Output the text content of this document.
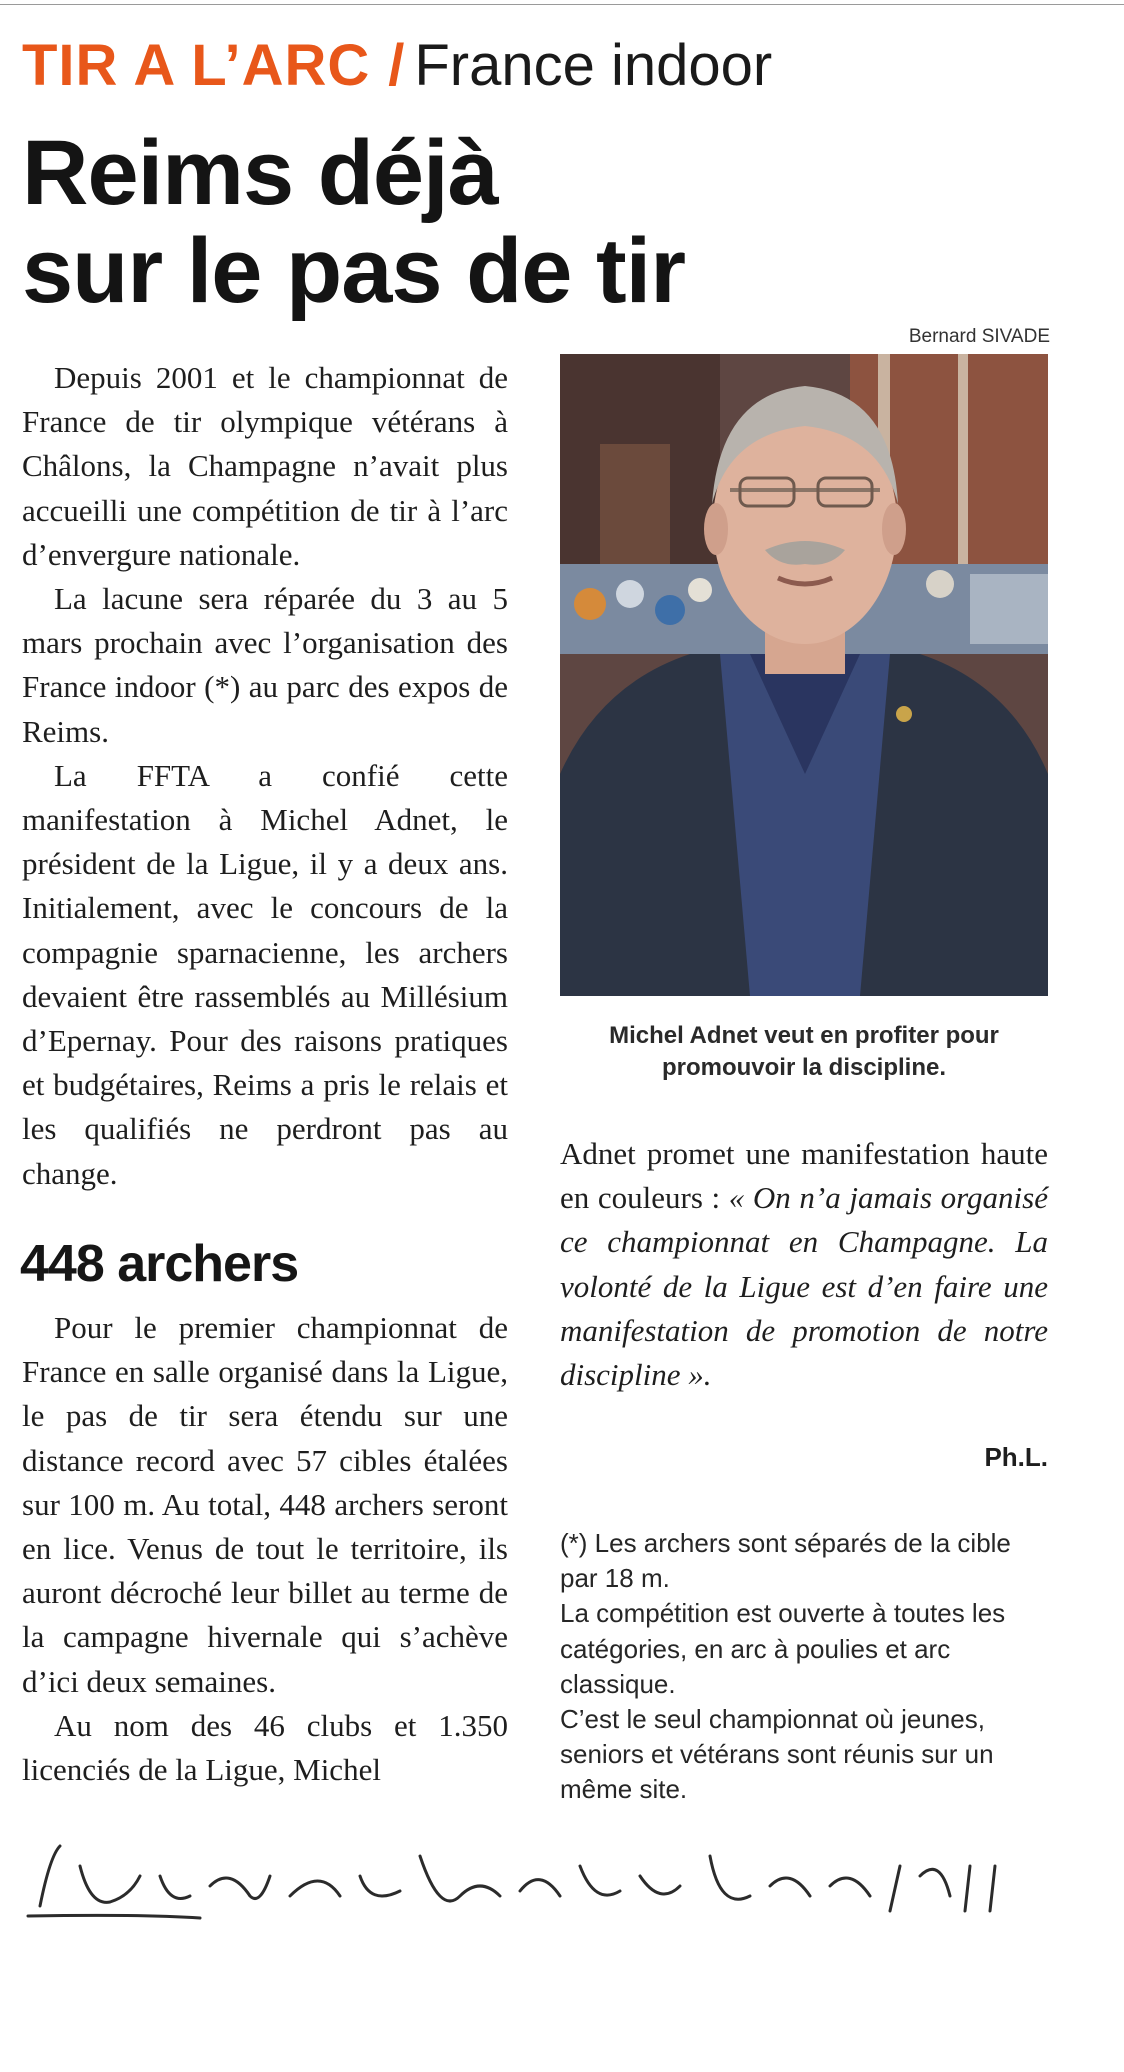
TIR A L’ARC / France indoor
Reims déjà
sur le pas de tir
Bernard SIVADE

Depuis 2001 et le championnat de France de tir olympique vétérans à Châlons, la Champagne n’avait plus accueilli une compétition de tir à l’arc d’envergure nationale.

La lacune sera réparée du 3 au 5 mars prochain avec l’organisation des France indoor (*) au parc des expos de Reims.

La FFTA a confié cette manifestation à Michel Adnet, le président de la Ligue, il y a deux ans. Initialement, avec le concours de la compagnie sparnacienne, les archers devaient être rassemblés au Millésium d’Epernay. Pour des raisons pratiques et budgétaires, Reims a pris le relais et les qualifiés ne perdront pas au change.

448 archers

Pour le premier championnat de France en salle organisé dans la Ligue, le pas de tir sera étendu sur une distance record avec 57 cibles étalées sur 100 m. Au total, 448 archers seront en lice. Venus de tout le territoire, ils auront décroché leur billet au terme de la campagne hivernale qui s’achève d’ici deux semaines.

Au nom des 46 clubs et 1.350 licenciés de la Ligue, Michel

Michel Adnet veut en profiter pour promouvoir la discipline.

Adnet promet une manifestation haute en couleurs : « On n’a jamais organisé ce championnat en Champagne. La volonté de la Ligue est d’en faire une manifestation de promotion de notre discipline ».

Ph.L.

(*) Les archers sont séparés de la cible par 18 m.

La compétition est ouverte à toutes les catégories, en arc à poulies et arc classique.

C’est le seul championnat où jeunes, seniors et vétérans sont réunis sur un même site.
